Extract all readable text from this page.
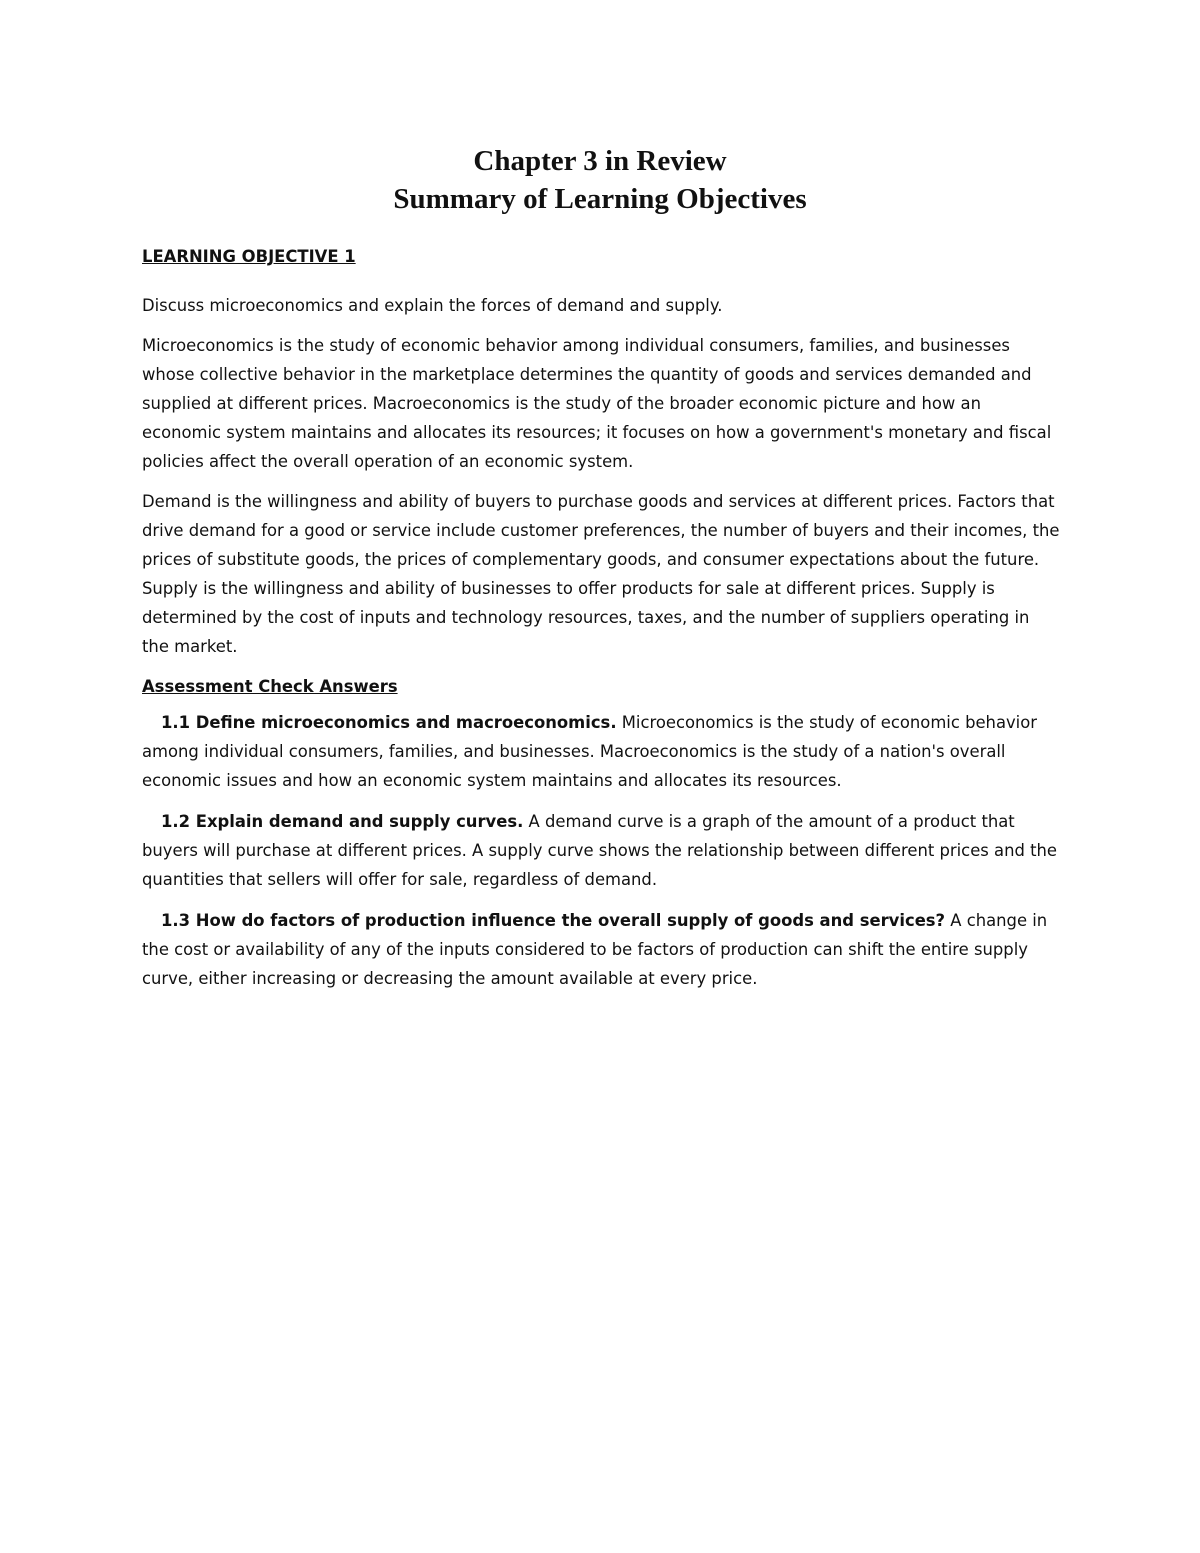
Chapter 3 in Review
Summary of Learning Objectives

LEARNING OBJECTIVE 1

Discuss microeconomics and explain the forces of demand and supply.

Microeconomics is the study of economic behavior among individual consumers, families, and businesses whose collective behavior in the marketplace determines the quantity of goods and services demanded and supplied at different prices. Macroeconomics is the study of the broader economic picture and how an economic system maintains and allocates its resources; it focuses on how a government's monetary and fiscal policies affect the overall operation of an economic system.

Demand is the willingness and ability of buyers to purchase goods and services at different prices. Factors that drive demand for a good or service include customer preferences, the number of buyers and their incomes, the prices of substitute goods, the prices of complementary goods, and consumer expectations about the future. Supply is the willingness and ability of businesses to offer products for sale at different prices. Supply is determined by the cost of inputs and technology resources, taxes, and the number of suppliers operating in the market.

Assessment Check Answers

1.1 Define microeconomics and macroeconomics. Microeconomics is the study of economic behavior among individual consumers, families, and businesses. Macroeconomics is the study of a nation's overall economic issues and how an economic system maintains and allocates its resources.

1.2 Explain demand and supply curves. A demand curve is a graph of the amount of a product that buyers will purchase at different prices. A supply curve shows the relationship between different prices and the quantities that sellers will offer for sale, regardless of demand.

1.3 How do factors of production influence the overall supply of goods and services? A change in the cost or availability of any of the inputs considered to be factors of production can shift the entire supply curve, either increasing or decreasing the amount available at every price.
